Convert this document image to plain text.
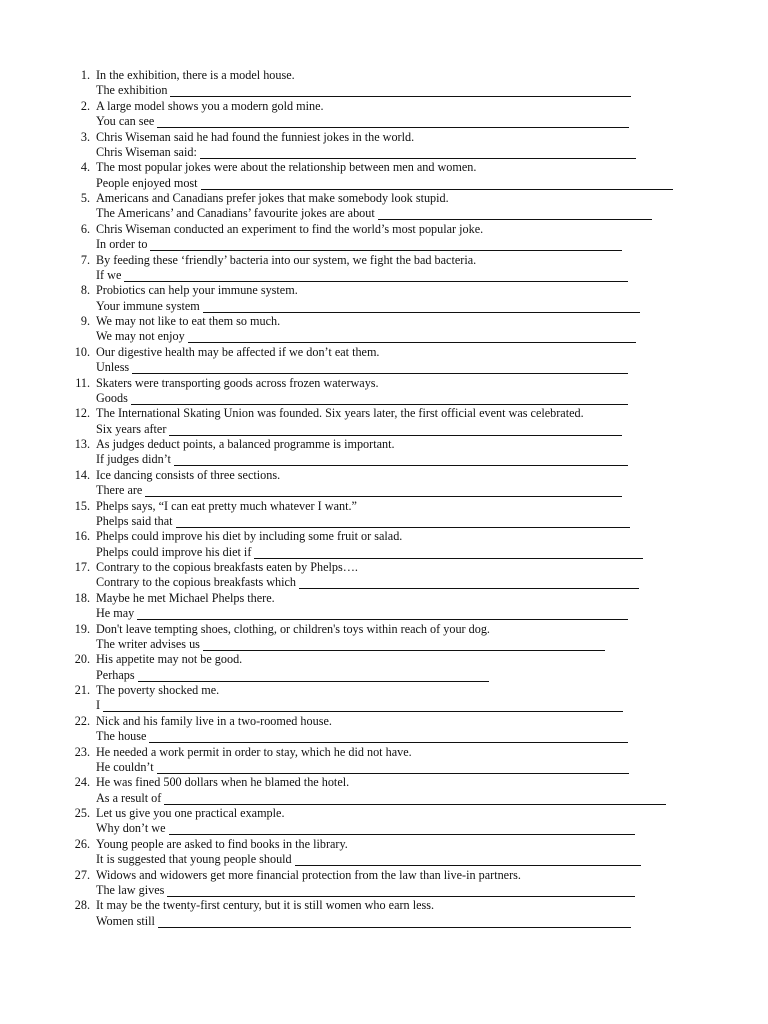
1. In the exhibition, there is a model house.
The exhibition
2. A large model shows you a modern gold mine.
You can see
3. Chris Wiseman said he had found the funniest jokes in the world.
Chris Wiseman said:
4. The most popular jokes were about the relationship between men and women.
People enjoyed most
5. Americans and Canadians prefer jokes that make somebody look stupid.
The Americans’ and Canadians’ favourite jokes are about
6. Chris Wiseman conducted an experiment to find the world’s most popular joke.
In order to
7. By feeding these ‘friendly’ bacteria into our system, we fight the bad bacteria.
If we
8. Probiotics can help your immune system.
Your immune system
9. We may not like to eat them so much.
We may not enjoy
10. Our digestive health may be affected if we don’t eat them.
Unless
11. Skaters were transporting goods across frozen waterways.
Goods
12. The International Skating Union was founded. Six years later, the first official event was celebrated.
Six years after
13. As judges deduct points, a balanced programme is important.
If judges didn’t
14. Ice dancing consists of three sections.
There are
15. Phelps says, “I can eat pretty much whatever I want.”
Phelps said that
16. Phelps could improve his diet by including some fruit or salad.
Phelps could improve his diet if
17. Contrary to the copious breakfasts eaten by Phelps….
Contrary to the copious breakfasts which
18. Maybe he met Michael Phelps there.
He may
19. Don't leave tempting shoes, clothing, or children's toys within reach of your dog.
The writer advises us
20. His appetite may not be good.
Perhaps
21. The poverty shocked me.
I
22. Nick and his family live in a two-roomed house.
The house
23. He needed a work permit in order to stay, which he did not have.
He couldn’t
24. He was fined 500 dollars when he blamed the hotel.
As a result of
25. Let us give you one practical example.
Why don’t we
26. Young people are asked to find books in the library.
It is suggested that young people should
27. Widows and widowers get more financial protection from the law than live-in partners.
The law gives
28. It may be the twenty-first century, but it is still women who earn less.
Women still
